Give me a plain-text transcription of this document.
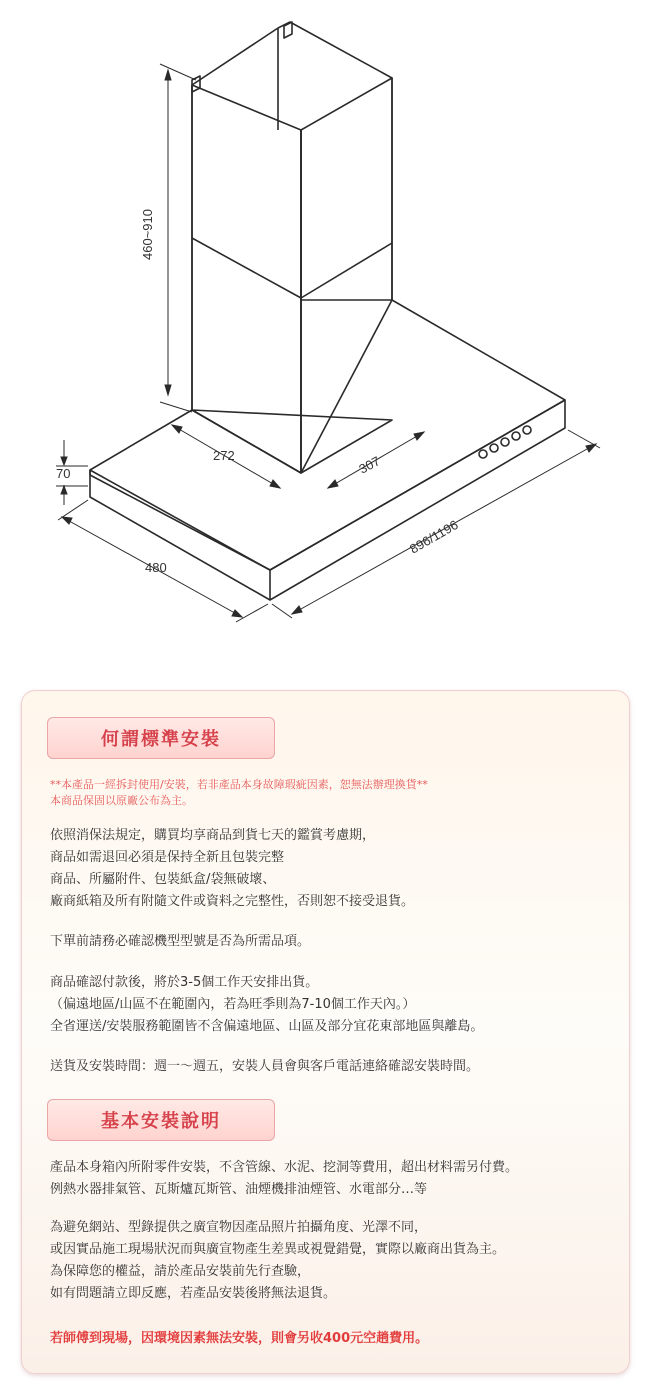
460~910
272	307
70
480
896/1196
何謂標準安裝
**本產品一經拆封使用/安裝，若非產品本身故障瑕疵因素，恕無法辦理換貨**
本商品保固以原廠公布為主。
依照消保法規定，購買均享商品到貨七天的鑑賞考慮期，
商品如需退回必須是保持全新且包裝完整
商品、所屬附件、包裝紙盒/袋無破壞、
廠商紙箱及所有附隨文件或資料之完整性，否則恕不接受退貨。
下單前請務必確認機型型號是否為所需品項。
商品確認付款後，將於3-5個工作天安排出貨。
（偏遠地區/山區不在範圍內，若為旺季則為7-10個工作天內。）
全省運送/安裝服務範圍皆不含偏遠地區、山區及部分宜花東部地區與離島。
送貨及安裝時間：週一～週五，安裝人員會與客戶電話連絡確認安裝時間。
基本安裝說明
產品本身箱內所附零件安裝，不含管線、水泥、挖洞等費用，超出材料需另付費。
例熱水器排氣管、瓦斯爐瓦斯管、油煙機排油煙管、水電部分…等
為避免網站、型錄提供之廣宣物因產品照片拍攝角度、光澤不同，
或因實品施工現場狀況而與廣宣物產生差異或視覺錯覺，實際以廠商出貨為主。
為保障您的權益，請於產品安裝前先行查驗，
如有問題請立即反應，若產品安裝後將無法退貨。
若師傅到現場，因環境因素無法安裝，則會另收400元空趟費用。
